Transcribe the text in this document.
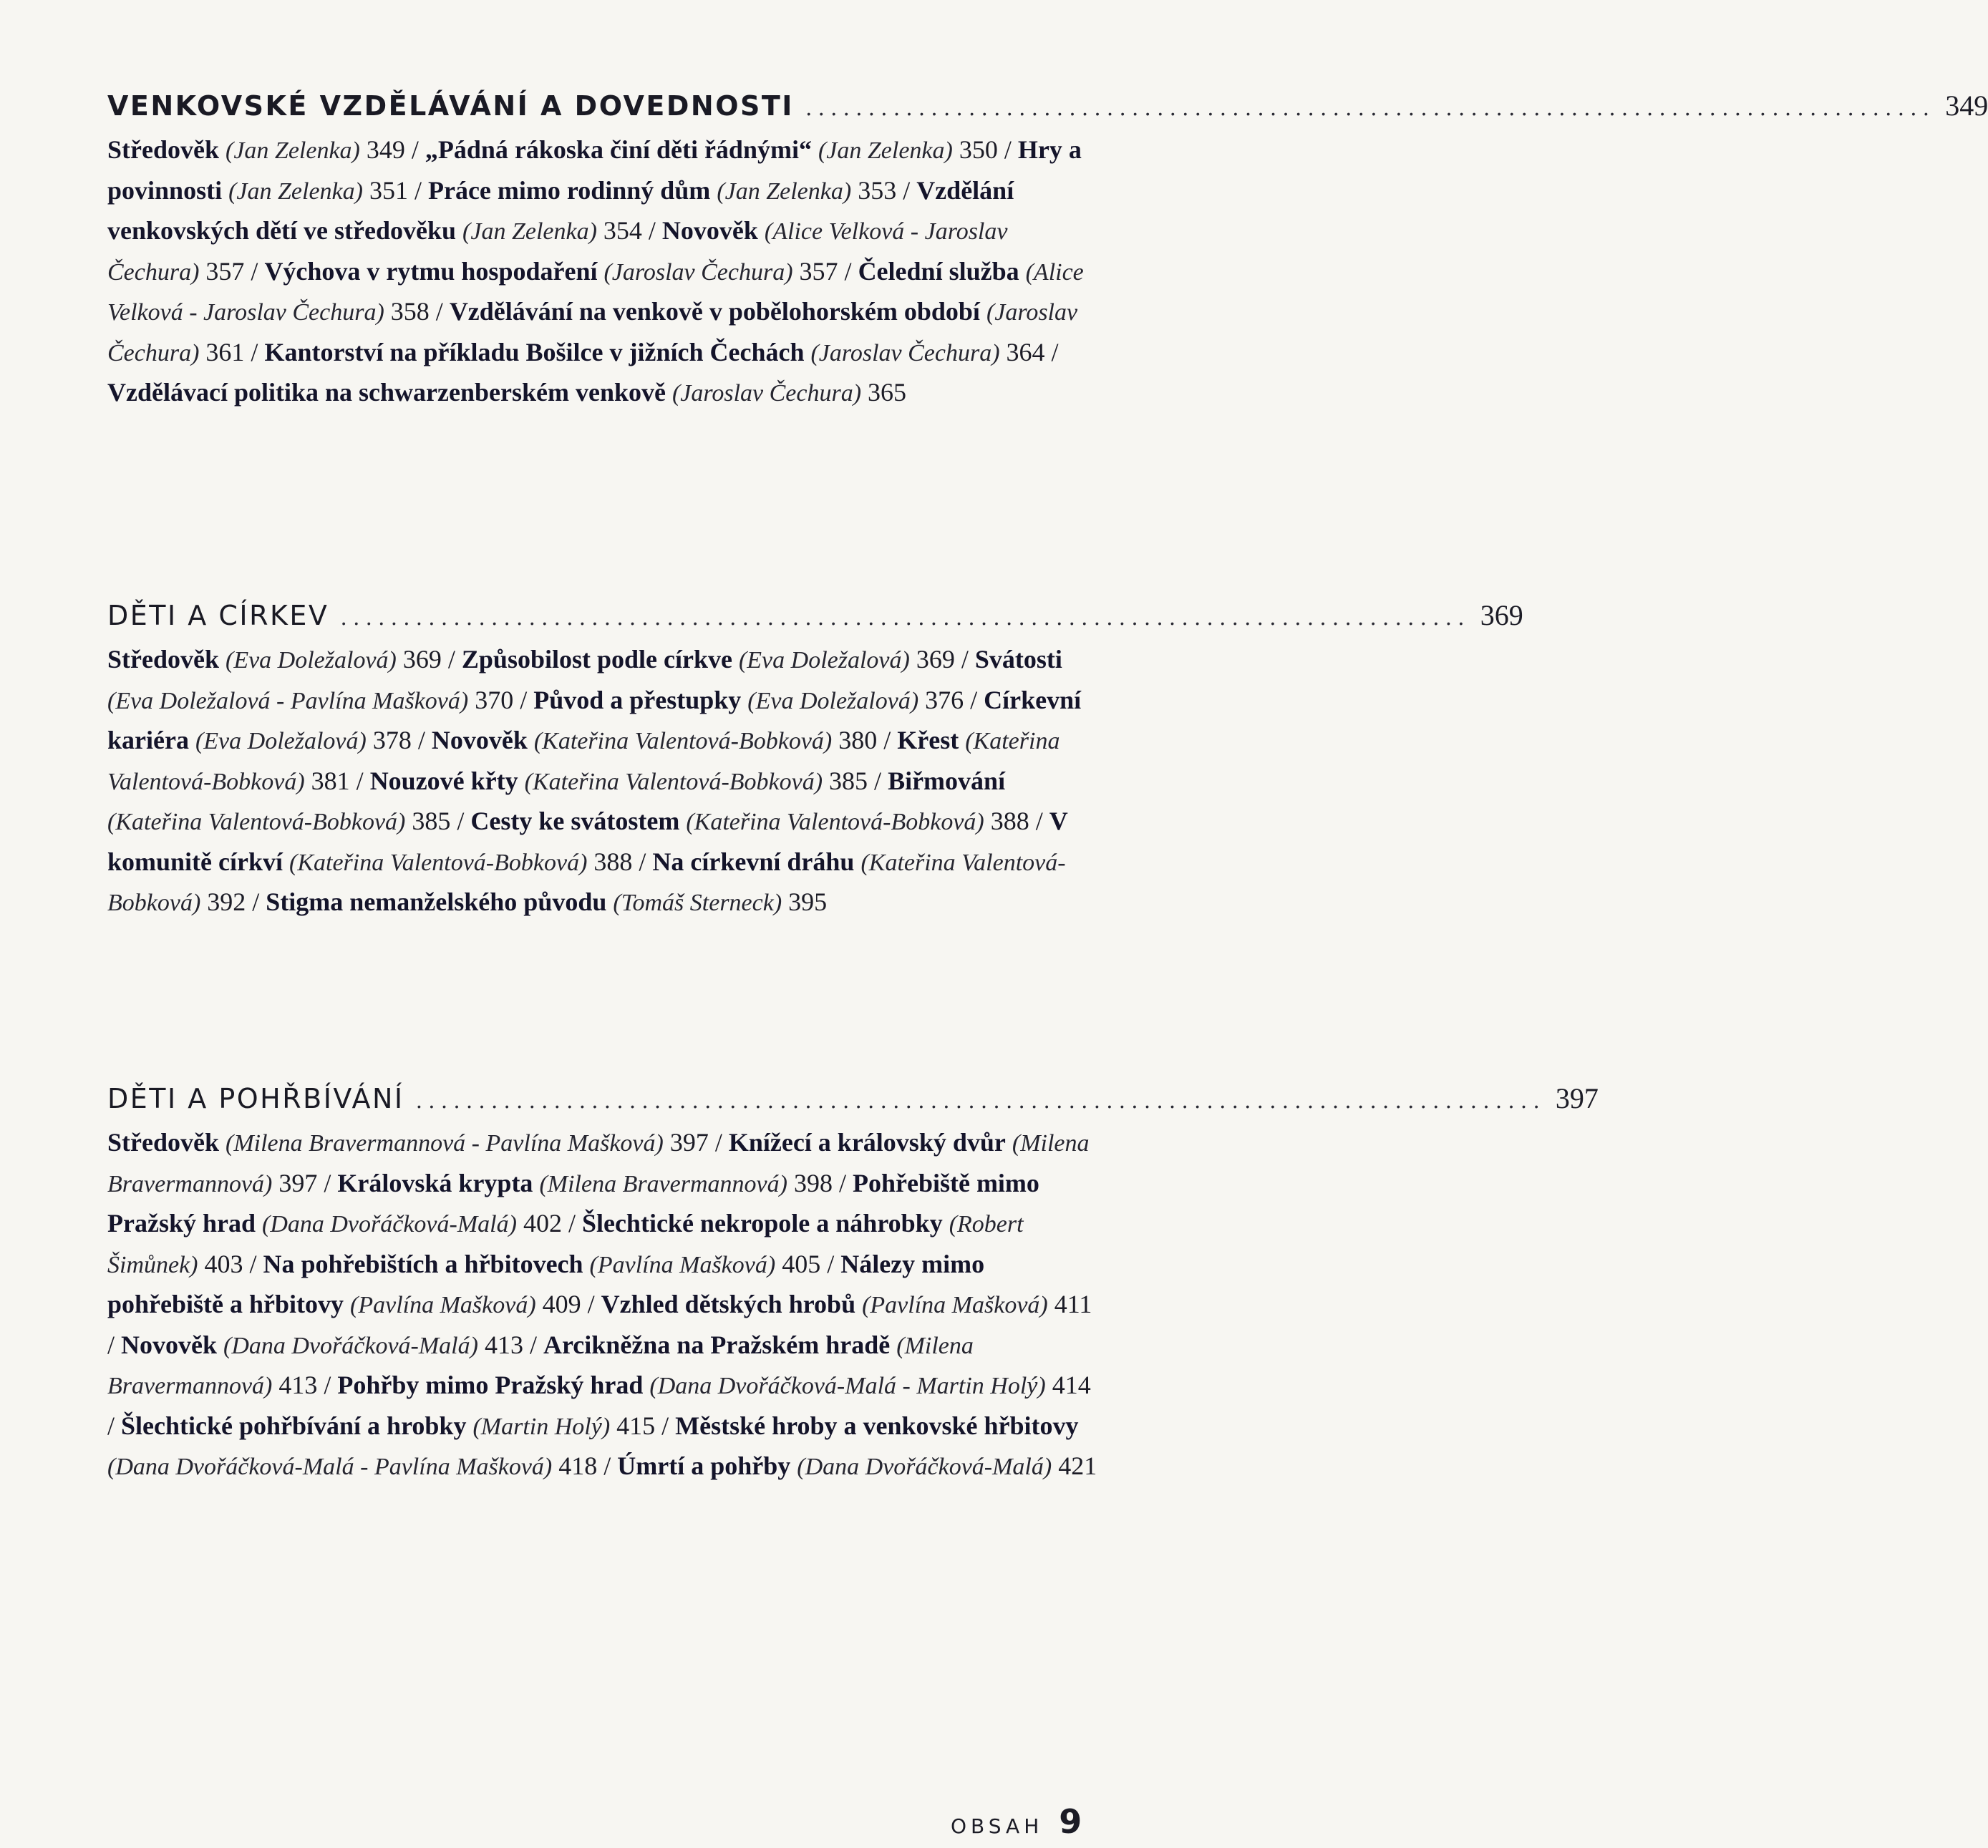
VENKOVSKÉ VZDĚLÁVÁNÍ A DOVEDNOSTI .......................................................................................... 349
Středověk (Jan Zelenka) 349 / „Pádná rákoska činí děti řádnými“ (Jan Zelenka) 350 / Hry a povinnosti (Jan Zelenka) 351 / Práce mimo rodinný dům (Jan Zelenka) 353 / Vzdělání venkovských dětí ve středověku (Jan Zelenka) 354 / Novověk (Alice Velková - Jaroslav Čechura) 357 / Výchova v rytmu hospodaření (Jaroslav Čechura) 357 / Čelední služba (Alice Velková - Jaroslav Čechura) 358 / Vzdělávání na venkově v pobělohorském období (Jaroslav Čechura) 361 / Kantorství na příkladu Bošilce v jižních Čechách (Jaroslav Čechura) 364 / Vzdělávací politika na schwarzenberském venkově (Jaroslav Čechura) 365
DĚTI A CÍRKEV .......................................................................................... 369
Středověk (Eva Doležalová) 369 / Způsobilost podle církve (Eva Doležalová) 369 / Svátosti (Eva Doležalová - Pavlína Mašková) 370 / Původ a přestupky (Eva Doležalová) 376 / Církevní kariéra (Eva Doležalová) 378 / Novověk (Kateřina Valentová-Bobková) 380 / Křest (Kateřina Valentová-Bobková) 381 / Nouzové křty (Kateřina Valentová-Bobková) 385 / Biřmování (Kateřina Valentová-Bobková) 385 / Cesty ke svátostem (Kateřina Valentová-Bobková) 388 / V komunitě církví (Kateřina Valentová-Bobková) 388 / Na církevní dráhu (Kateřina Valentová-Bobková) 392 / Stigma nemanželského původu (Tomáš Sterneck) 395
DĚTI A POHŘBÍVÁNÍ .......................................................................................... 397
Středověk (Milena Bravermannová - Pavlína Mašková) 397 / Knížecí a královský dvůr (Milena Bravermannová) 397 / Královská krypta (Milena Bravermannová) 398 / Pohřebiště mimo Pražský hrad (Dana Dvořáčková-Malá) 402 / Šlechtické nekropole a náhrobky (Robert Šimůnek) 403 / Na pohřebištích a hřbitovech (Pavlína Mašková) 405 / Nálezy mimo pohřebiště a hřbitovy (Pavlína Mašková) 409 / Vzhled dětských hrobů (Pavlína Mašková) 411 / Novověk (Dana Dvořáčková-Malá) 413 / Arcikněžna na Pražském hradě (Milena Bravermannová) 413 / Pohřby mimo Pražský hrad (Dana Dvořáčková-Malá - Martin Holý) 414 / Šlechtické pohřbívání a hrobky (Martin Holý) 415 / Městské hroby a venkovské hřbitovy (Dana Dvořáčková-Malá - Pavlína Mašková) 418 / Úmrtí a pohřby (Dana Dvořáčková-Malá) 421
OBSAH 9
